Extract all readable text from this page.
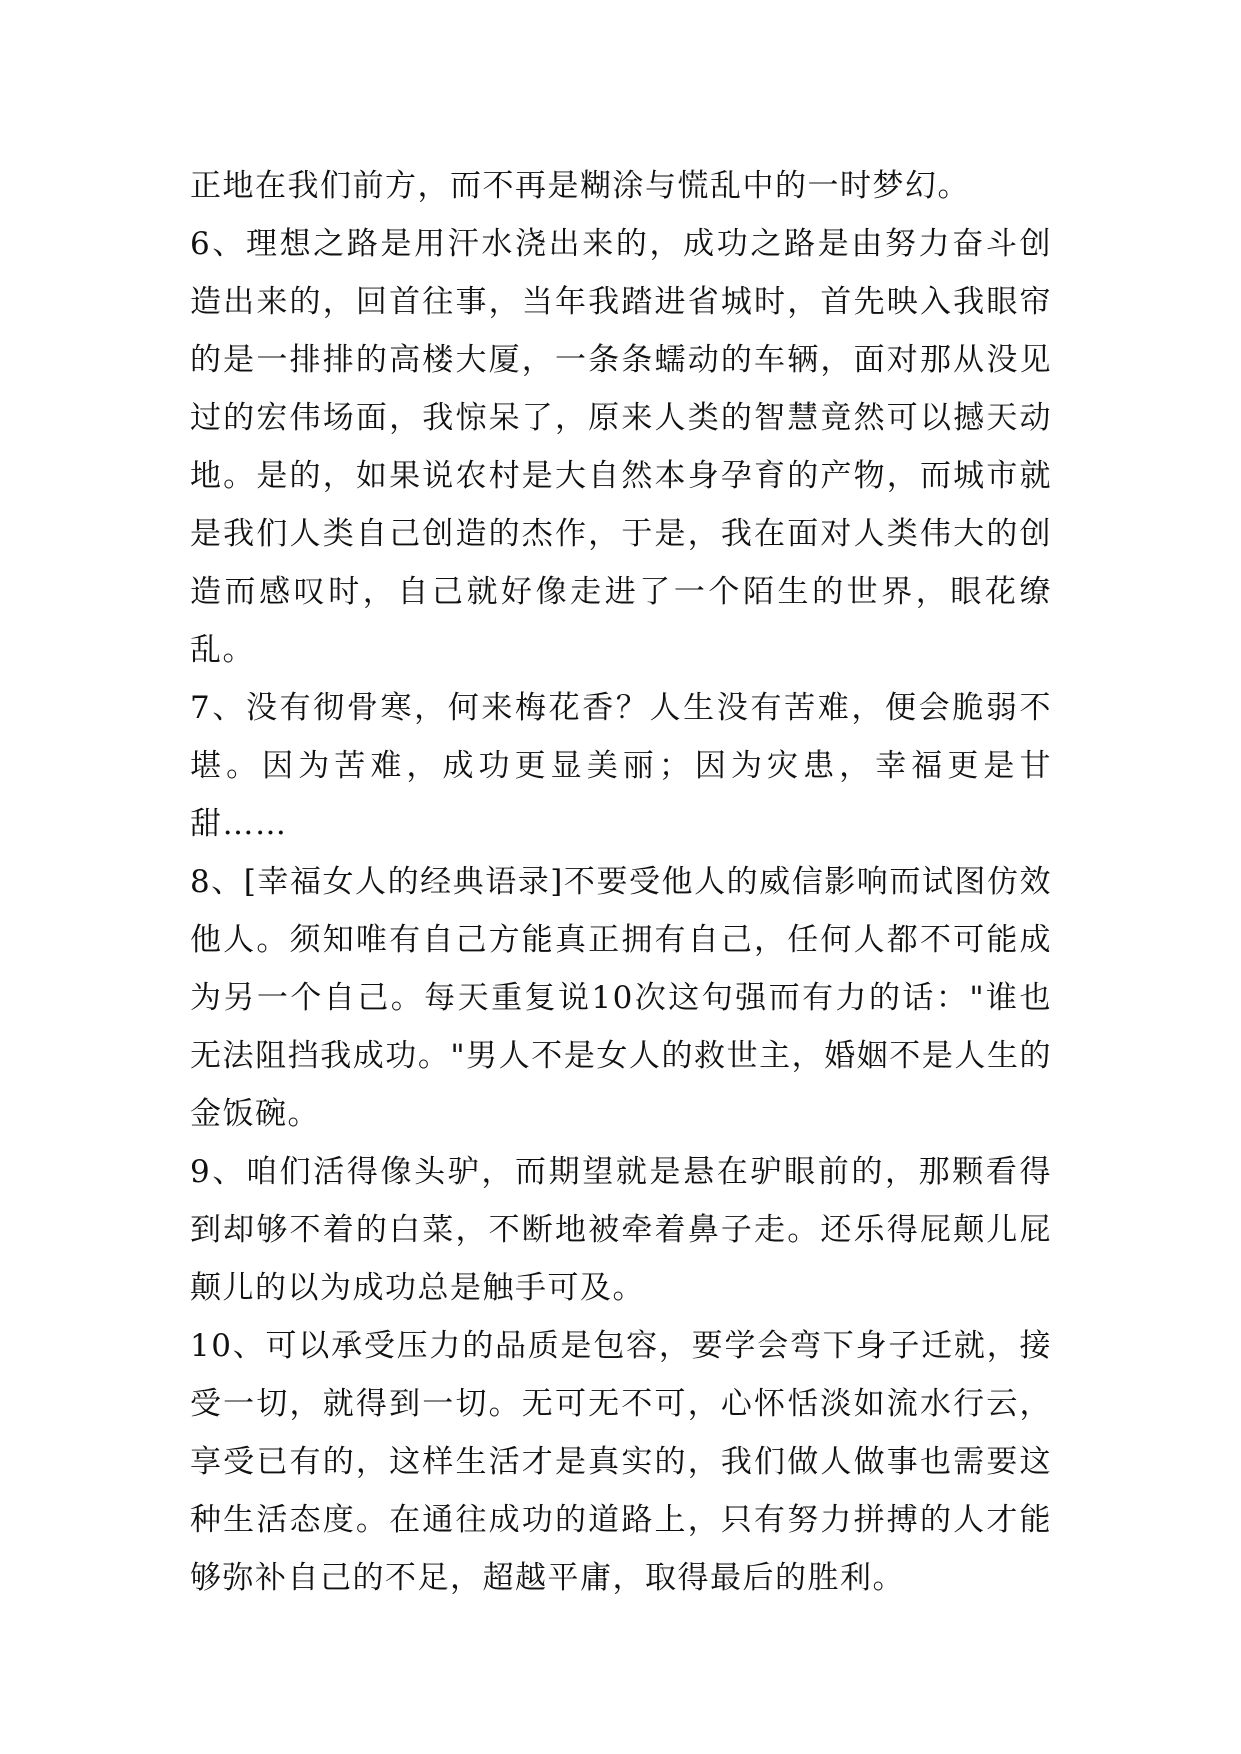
正地在我们前方，而不再是糊涂与慌乱中的一时梦幻。

6、理想之路是用汗水浇出来的，成功之路是由努力奋斗创造出来的，回首往事，当年我踏进省城时，首先映入我眼帘的是一排排的高楼大厦，一条条蠕动的车辆，面对那从没见过的宏伟场面，我惊呆了，原来人类的智慧竟然可以撼天动地。是的，如果说农村是大自然本身孕育的产物，而城市就是我们人类自己创造的杰作，于是，我在面对人类伟大的创造而感叹时，自己就好像走进了一个陌生的世界，眼花缭乱。

7、没有彻骨寒，何来梅花香？人生没有苦难，便会脆弱不堪。因为苦难，成功更显美丽；因为灾患，幸福更是甘甜……

8、[幸福女人的经典语录]不要受他人的威信影响而试图仿效他人。须知唯有自己方能真正拥有自己，任何人都不可能成为另一个自己。每天重复说10次这句强而有力的话："谁也无法阻挡我成功。"男人不是女人的救世主，婚姻不是人生的金饭碗。

9、咱们活得像头驴，而期望就是悬在驴眼前的，那颗看得到却够不着的白菜，不断地被牵着鼻子走。还乐得屁颠儿屁颠儿的以为成功总是触手可及。

10、可以承受压力的品质是包容，要学会弯下身子迁就，接受一切，就得到一切。无可无不可，心怀恬淡如流水行云，享受已有的，这样生活才是真实的，我们做人做事也需要这种生活态度。在通往成功的道路上，只有努力拼搏的人才能够弥补自己的不足，超越平庸，取得最后的胜利。
